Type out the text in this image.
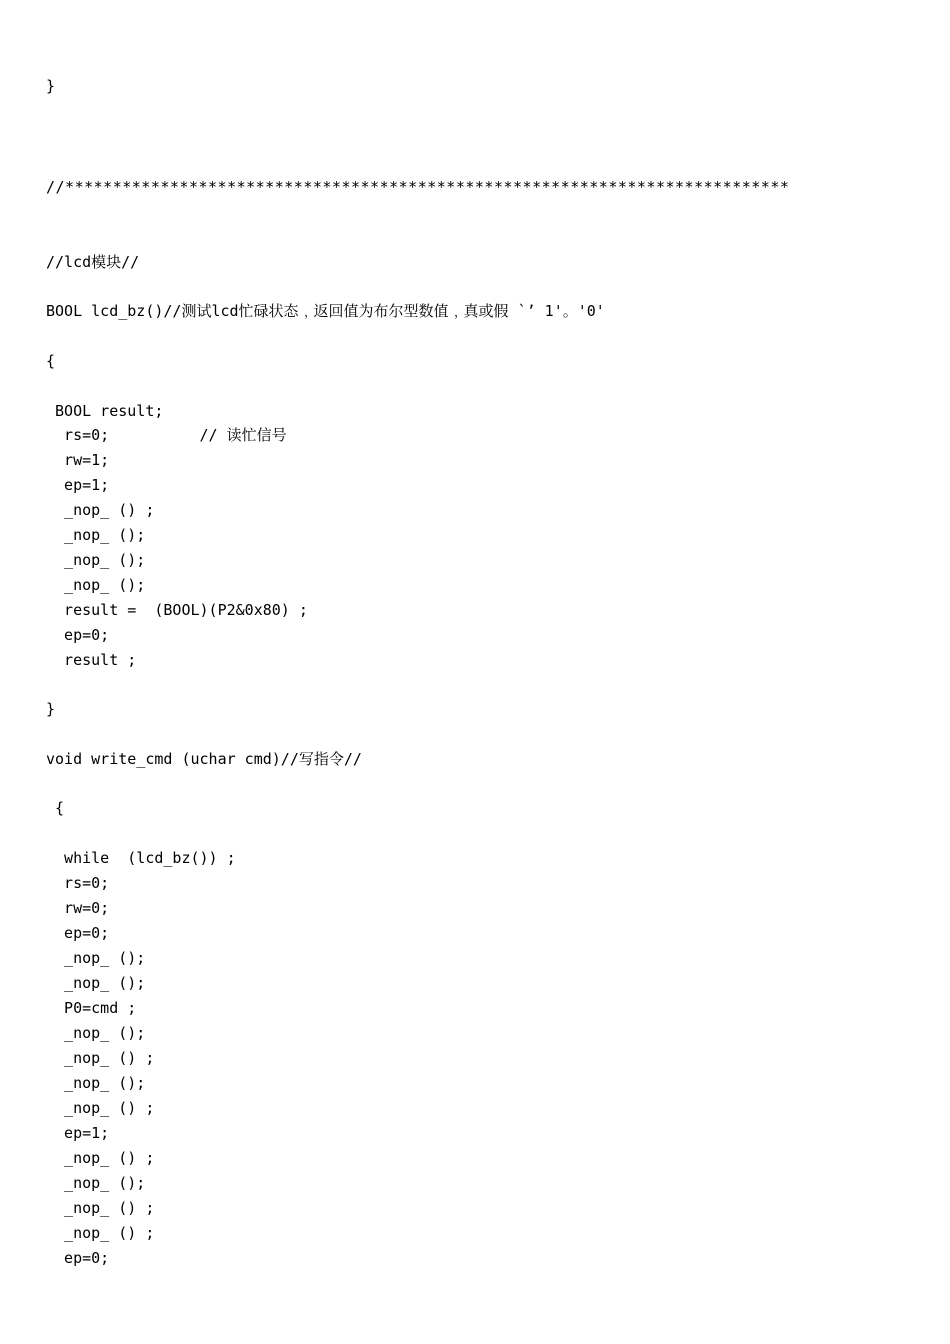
}
//****************************************************************************
//lcd模块//
BOOL lcd_bz()//测试lcd忙碌状态﹐返回值为布尔型数值﹐真或假 `’ 1'。'0'
{
BOOL result;
rs=0;          // 读忙信号
rw=1;
ep=1;
_nop_ () ;
_nop_ ();
_nop_ ();
_nop_ ();
result =  (BOOL)(P2&0x80) ;
ep=0;
result ;
}
void write_cmd (uchar cmd)//写指令//
{
while  (lcd_bz()) ;
rs=0;
rw=0;
ep=0;
_nop_ ();
_nop_ ();
P0=cmd ;
_nop_ ();
_nop_ () ;
_nop_ ();
_nop_ () ;
ep=1;
_nop_ () ;
_nop_ ();
_nop_ () ;
_nop_ () ;
ep=0;
